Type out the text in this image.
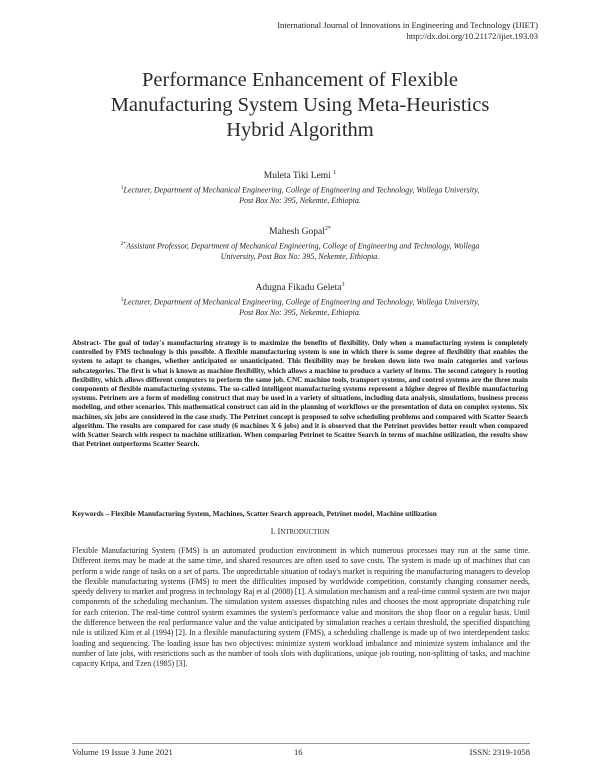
International Journal of Innovations in Engineering and Technology (IJIET)
http://dx.doi.org/10.21172/ijiet.193.03
Performance Enhancement of Flexible
Manufacturing System Using Meta-Heuristics
Hybrid Algorithm
Muleta Tiki Lemi $^1$
$^1$Lecturer, Department of Mechanical Engineering, College of Engineering and Technology, Wollega University,
Post Box No: 395, Nekemte, Ethiopia.
Mahesh Gopal$^{2*}$
$^{2*}$Assistant Professor, Department of Mechanical Engineering, College of Engineering and Technology, Wollega
University, Post Box No: 395, Nekemte, Ethiopia.
Adugna Fikadu Geleta$^3$
$^3$Lecturer, Department of Mechanical Engineering, College of Engineering and Technology, Wollega University,
Post Box No: 395, Nekemte, Ethiopia.
Abstract- The goal of today's manufacturing strategy is to maximize the benefits of flexibility. Only when a manufacturing system is completely controlled by FMS technology is this possible. A flexible manufacturing system is one in which there is some degree of flexibility that enables the system to adapt to changes, whether anticipated or unanticipated. This flexibility may be broken down into two main categories and various subcategories. The first is what is known as machine flexibility, which allows a machine to produce a variety of items. The second category is routing flexibility, which allows different computers to perform the same job. CNC machine tools, transport systems, and control systems are the three main components of flexible manufacturing systems. The so-called intelligent manufacturing systems represent a higher degree of flexible manufacturing systems. Petrinets are a form of modeling construct that may be used in a variety of situations, including data analysis, simulations, business process modeling, and other scenarios. This mathematical construct can aid in the planning of workflows or the presentation of data on complex systems. Six machines, six jobs are considered in the case study. The Petrinet concept is proposed to solve scheduling problems and compared with Scatter Search algorithm. The results are compared for case study (6 machines X 6 jobs) and it is observed that the Petrinet provides better result when compared with Scatter Search with respect to machine utilization. When comparing Petrinet to Scatter Search in terms of machine utilization, the results show that Petrinet outperforms Scatter Search.
Keywords – Flexible Manufacturing System, Machines, Scatter Search approach, Petrinet model, Machine utilization
I. INTRODUCTION
Flexible Manufacturing System (FMS) is an automated production environment in which numerous processes may run at the same time. Different items may be made at the same time, and shared resources are often used to save costs. The system is made up of machines that can perform a wide range of tasks on a set of parts. The unpredictable situation of today's market is requiring the manufacturing managers to develop the flexible manufacturing systems (FMS) to meet the difficulties imposed by worldwide competition, constantly changing consumer needs, speedy delivery to market and progress in technology Raj et al (2008) [1]. A simulation mechanism and a real-time control system are two major components of the scheduling mechanism. The simulation system assesses dispatching rules and chooses the most appropriate dispatching rule for each criterion. The real-time control system examines the system's performance value and monitors the shop floor on a regular basis. Until the difference between the real performance value and the value anticipated by simulation reaches a certain threshold, the specified dispatching rule is utilized Kim et al (1994) [2]. In a flexible manufacturing system (FMS), a scheduling challenge is made up of two interdependent tasks: loading and sequencing. The loading issue has two objectives: minimize system workload imbalance and minimize system imbalance and the number of late jobs, with restrictions such as the number of tools slots with duplications, unique job routing, non-splitting of tasks, and machine capacity Kripa, and Tzen (1985) [3].
Volume 19 Issue 3 June 2021	16	ISSN: 2319-1058
